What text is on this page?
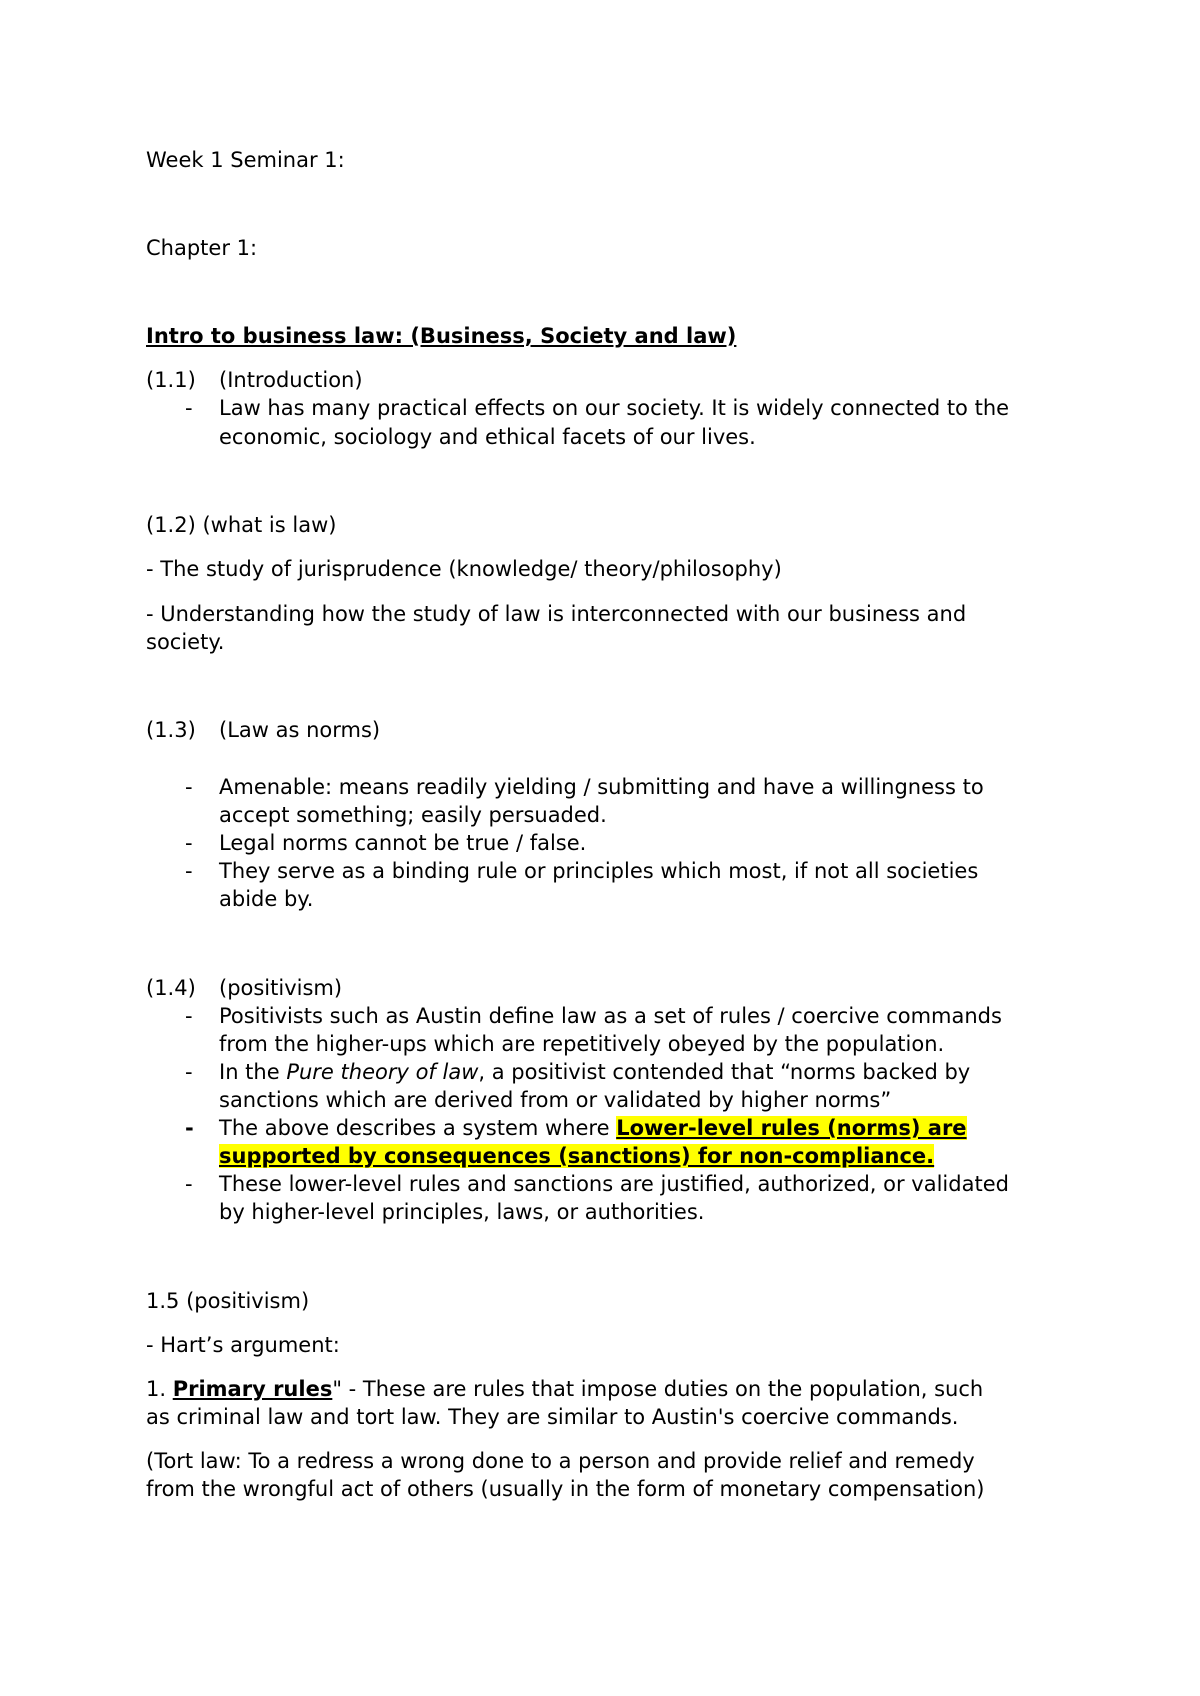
Week 1 Seminar 1:
Chapter 1:
Intro to business law: (Business, Society and law)
(1.1) (Introduction)
- Law has many practical effects on our society. It is widely connected to the
economic, sociology and ethical facets of our lives.
(1.2) (what is law)
- The study of jurisprudence (knowledge/ theory/philosophy)
- Understanding how the study of law is interconnected with our business and
society.
(1.3) (Law as norms)
- Amenable: means readily yielding / submitting and have a willingness to
accept something; easily persuaded.
- Legal norms cannot be true / false.
- They serve as a binding rule or principles which most, if not all societies
abide by.
(1.4) (positivism)
- Positivists such as Austin define law as a set of rules / coercive commands
from the higher-ups which are repetitively obeyed by the population.
- In the Pure theory of law, a positivist contended that “norms backed by
sanctions which are derived from or validated by higher norms”
- The above describes a system where Lower-level rules (norms) are
supported by consequences (sanctions) for non-compliance.
- These lower-level rules and sanctions are justified, authorized, or validated
by higher-level principles, laws, or authorities.
1.5 (positivism)
- Hart’s argument:
1. Primary rules" - These are rules that impose duties on the population, such
as criminal law and tort law. They are similar to Austin's coercive commands.
(Tort law: To a redress a wrong done to a person and provide relief and remedy
from the wrongful act of others (usually in the form of monetary compensation)
